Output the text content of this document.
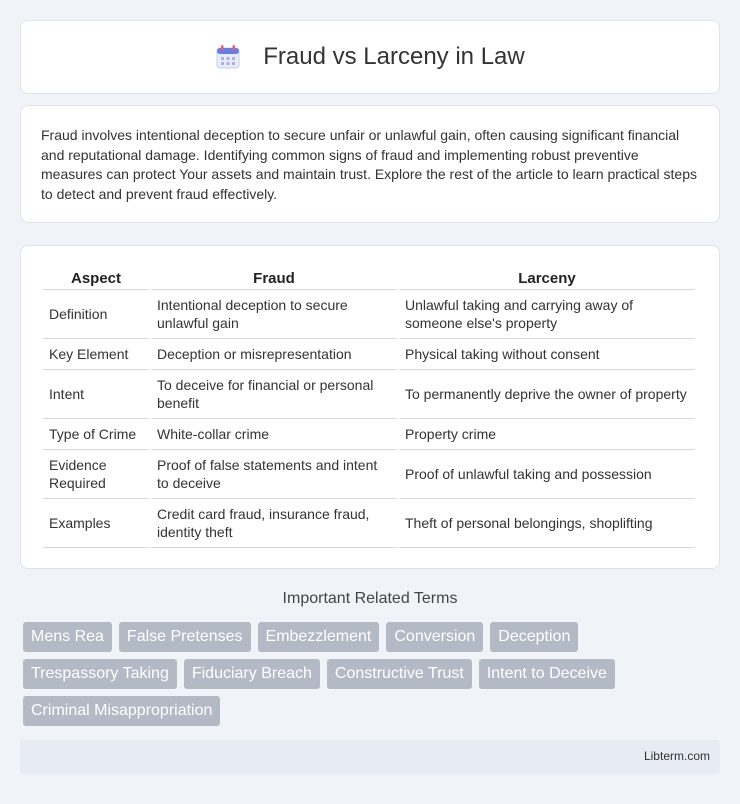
Fraud vs Larceny in Law

Fraud involves intentional deception to secure unfair or unlawful gain, often causing significant financial and reputational damage. Identifying common signs of fraud and implementing robust preventive measures can protect Your assets and maintain trust. Explore the rest of the article to learn practical steps to detect and prevent fraud effectively.

Aspect	Fraud	Larceny
Definition	Intentional deception to secure unlawful gain	Unlawful taking and carrying away of someone else's property
Key Element	Deception or misrepresentation	Physical taking without consent
Intent	To deceive for financial or personal benefit	To permanently deprive the owner of property
Type of Crime	White-collar crime	Property crime
Evidence Required	Proof of false statements and intent to deceive	Proof of unlawful taking and possession
Examples	Credit card fraud, insurance fraud, identity theft	Theft of personal belongings, shoplifting
Important Related Terms
Mens Rea	False Pretenses	Embezzlement	Conversion	Deception
Trespassory Taking	Fiduciary Breach	Constructive Trust	Intent to Deceive
Criminal Misappropriation
Libterm.com
